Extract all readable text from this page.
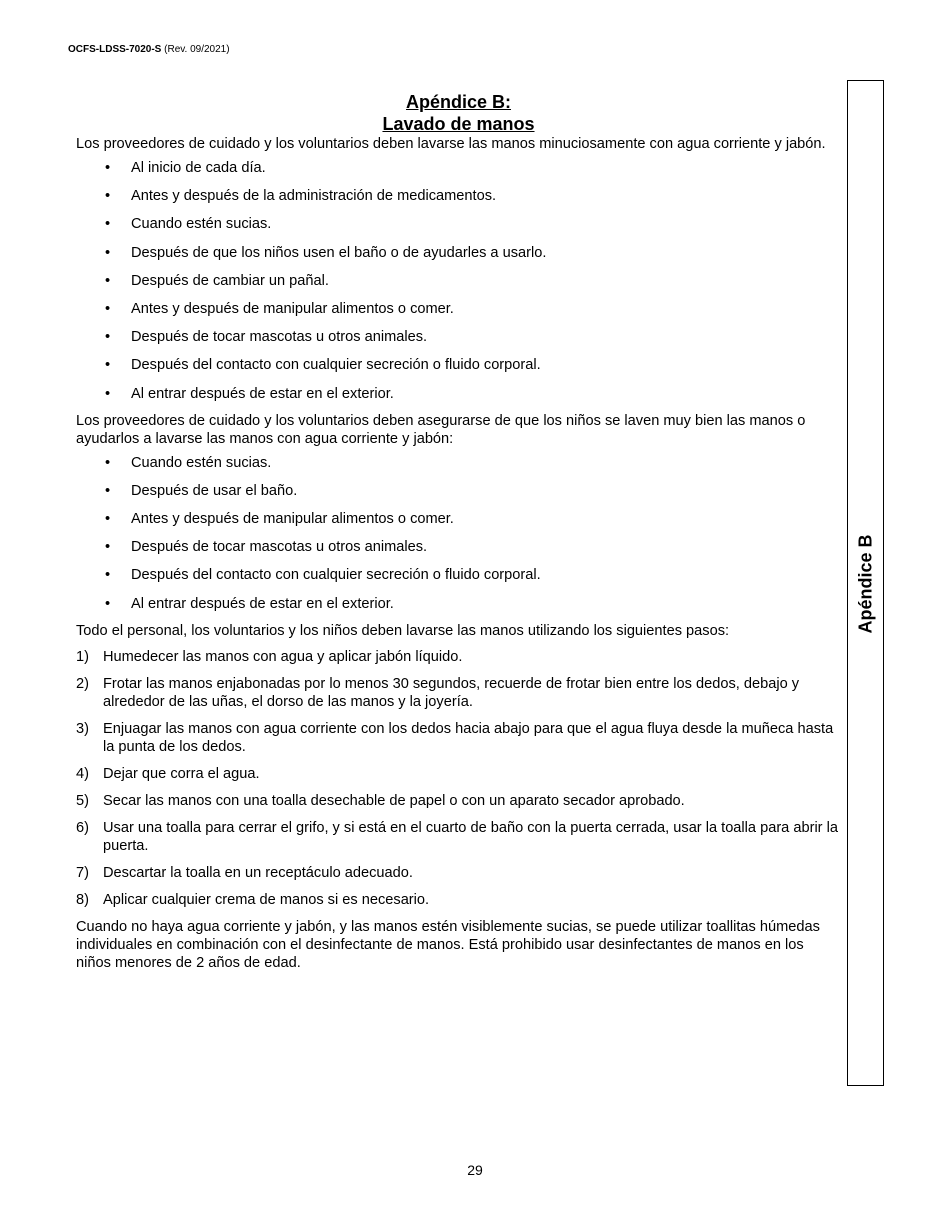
OCFS-LDSS-7020-S (Rev. 09/2021)
Apéndice B:
Lavado de manos

Los proveedores de cuidado y los voluntarios deben lavarse las manos minuciosamente con agua corriente y jabón.

• Al inicio de cada día.
• Antes y después de la administración de medicamentos.
• Cuando estén sucias.
• Después de que los niños usen el baño o de ayudarles a usarlo.
• Después de cambiar un pañal.
• Antes y después de manipular alimentos o comer.
• Después de tocar mascotas u otros animales.
• Después del contacto con cualquier secreción o fluido corporal.
• Al entrar después de estar en el exterior.

Los proveedores de cuidado y los voluntarios deben asegurarse de que los niños se laven muy bien las manos o ayudarlos a lavarse las manos con agua corriente y jabón:

• Cuando estén sucias.
• Después de usar el baño.
• Antes y después de manipular alimentos o comer.
• Después de tocar mascotas u otros animales.
• Después del contacto con cualquier secreción o fluido corporal.
• Al entrar después de estar en el exterior.

Todo el personal, los voluntarios y los niños deben lavarse las manos utilizando los siguientes pasos:

1) Humedecer las manos con agua y aplicar jabón líquido.
2) Frotar las manos enjabonadas por lo menos 30 segundos, recuerde de frotar bien entre los dedos, debajo y alrededor de las uñas, el dorso de las manos y la joyería.
3) Enjuagar las manos con agua corriente con los dedos hacia abajo para que el agua fluya desde la muñeca hasta la punta de los dedos.
4) Dejar que corra el agua.
5) Secar las manos con una toalla desechable de papel o con un aparato secador aprobado.
6) Usar una toalla para cerrar el grifo, y si está en el cuarto de baño con la puerta cerrada, usar la toalla para abrir la puerta.
7) Descartar la toalla en un receptáculo adecuado.
8) Aplicar cualquier crema de manos si es necesario.

Cuando no haya agua corriente y jabón, y las manos estén visiblemente sucias, se puede utilizar toallitas húmedas individuales en combinación con el desinfectante de manos. Está prohibido usar desinfectantes de manos en los niños menores de 2 años de edad.

Apéndice B
29
